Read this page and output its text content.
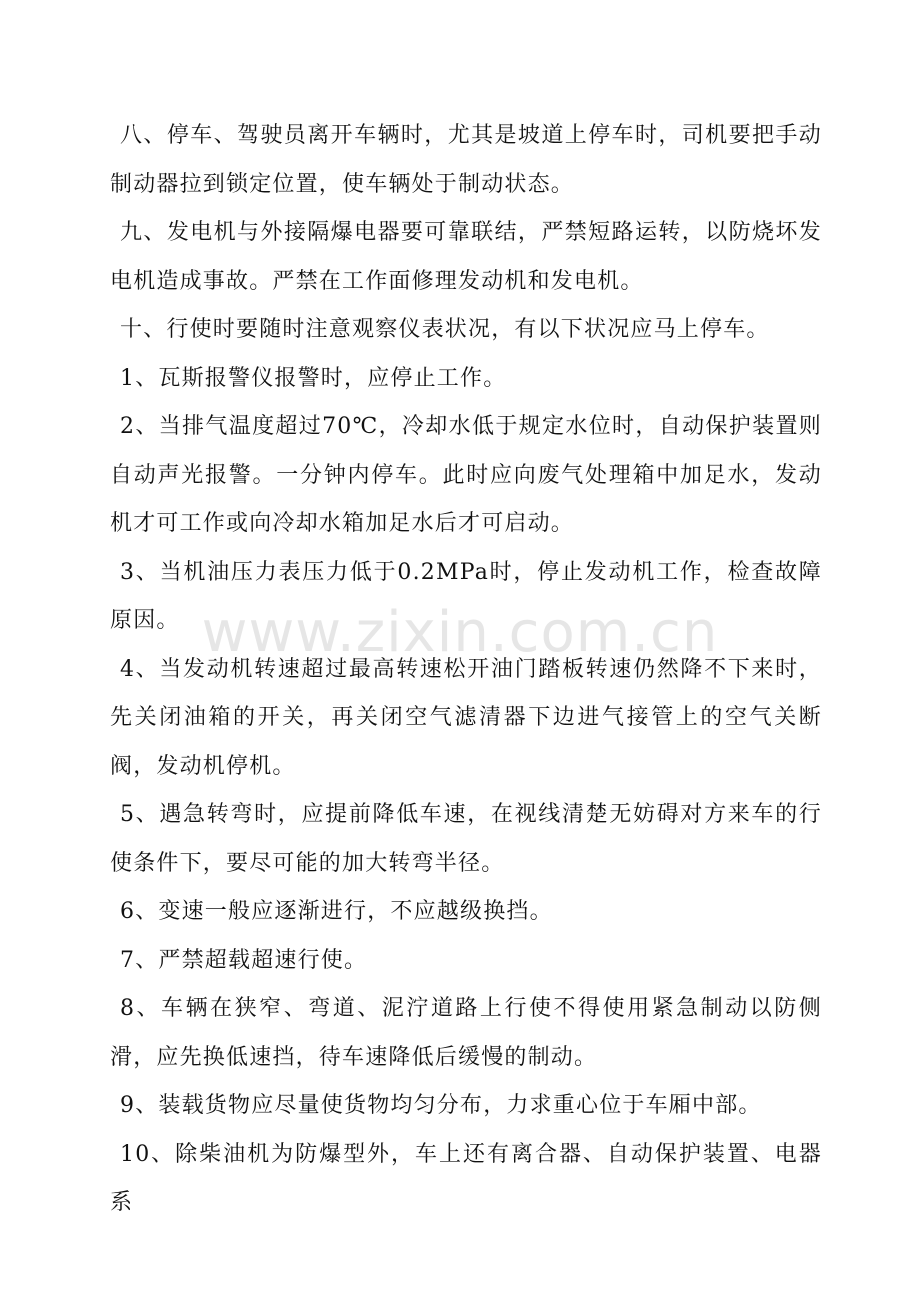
八、停车、驾驶员离开车辆时，尤其是坡道上停车时，司机要把手动制动器拉到锁定位置，使车辆处于制动状态。

九、发电机与外接隔爆电器要可靠联结，严禁短路运转，以防烧坏发电机造成事故。严禁在工作面修理发动机和发电机。

十、行使时要随时注意观察仪表状况，有以下状况应马上停车。

1、瓦斯报警仪报警时，应停止工作。

2、当排气温度超过70℃，冷却水低于规定水位时，自动保护装置则自动声光报警。一分钟内停车。此时应向废气处理箱中加足水，发动机才可工作或向冷却水箱加足水后才可启动。

3、当机油压力表压力低于0.2MPa时，停止发动机工作，检查故障原因。

4、当发动机转速超过最高转速松开油门踏板转速仍然降不下来时，先关闭油箱的开关，再关闭空气滤清器下边进气接管上的空气关断阀，发动机停机。

5、遇急转弯时，应提前降低车速，在视线清楚无妨碍对方来车的行使条件下，要尽可能的加大转弯半径。

6、变速一般应逐渐进行，不应越级换挡。

7、严禁超载超速行使。

8、车辆在狭窄、弯道、泥泞道路上行使不得使用紧急制动以防侧滑，应先换低速挡，待车速降低后缓慢的制动。

9、装载货物应尽量使货物均匀分布，力求重心位于车厢中部。

10、除柴油机为防爆型外，车上还有离合器、自动保护装置、电器系

www.zixin.com.cn
